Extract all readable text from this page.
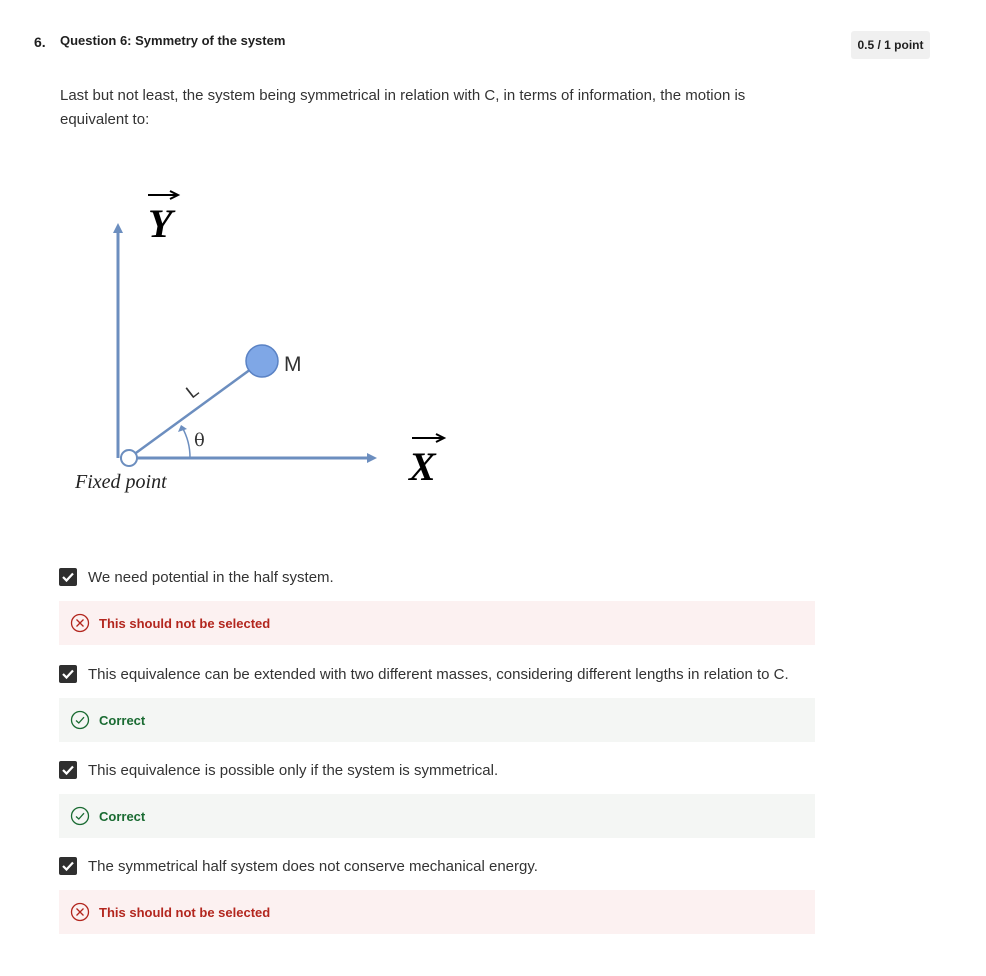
6. Question 6: Symmetry of the system	0.5 / 1 point
Last but not least, the system being symmetrical in relation with C, in terms of information, the motion is equivalent to:
Y
X
M
L
θ
Fixed point
We need potential in the half system.
This should not be selected
This equivalence can be extended with two different masses, considering different lengths in relation to C.
Correct
This equivalence is possible only if the system is symmetrical.
Correct
The symmetrical half system does not conserve mechanical energy.
This should not be selected
